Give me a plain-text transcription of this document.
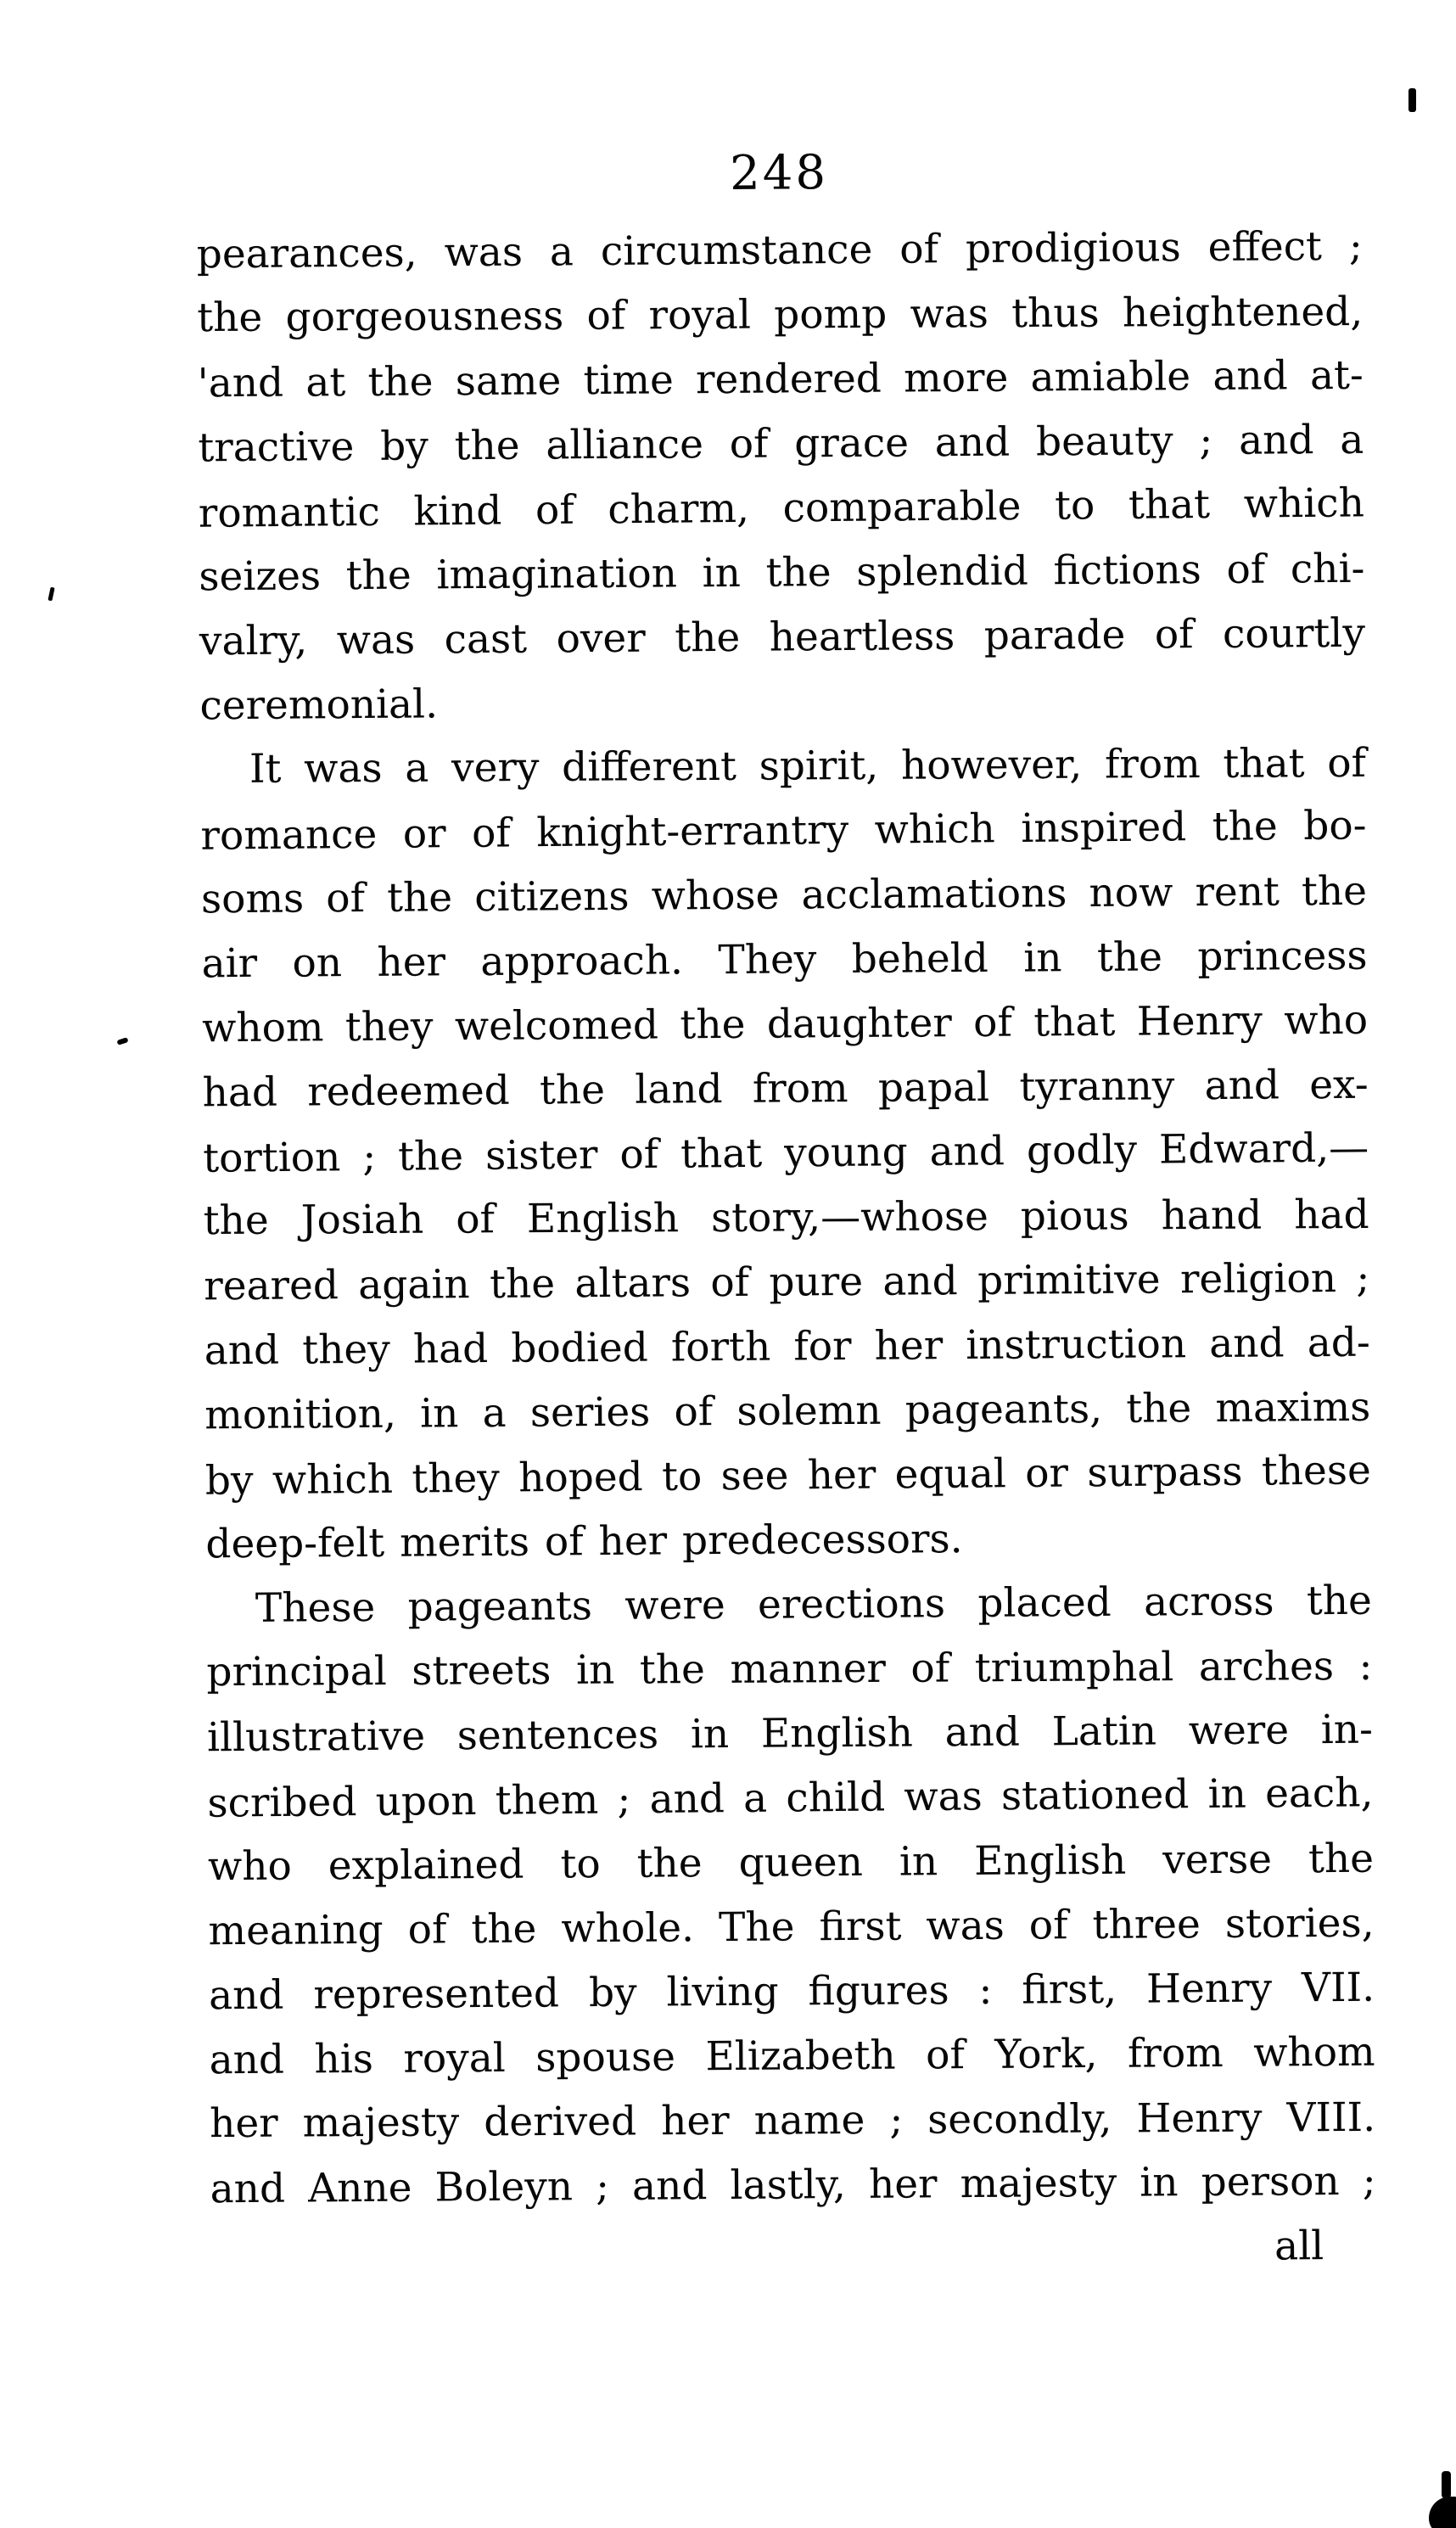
248
pearances, was a circumstance of prodigious effect ;
the gorgeousness of royal pomp was thus heightened,
'and at the same time rendered more amiable and at-
tractive by the alliance of grace and beauty ; and a
romantic kind of charm, comparable to that which
seizes the imagination in the splendid fictions of chi-
valry, was cast over the heartless parade of courtly
ceremonial.
It was a very different spirit, however, from that of
romance or of knight-errantry which inspired the bo-
soms of the citizens whose acclamations now rent the
air on her approach. They beheld in the princess
whom they welcomed the daughter of that Henry who
had redeemed the land from papal tyranny and ex-
tortion ; the sister of that young and godly Edward,—
the Josiah of English story,—whose pious hand had
reared again the altars of pure and primitive religion ;
and they had bodied forth for her instruction and ad-
monition, in a series of solemn pageants, the maxims
by which they hoped to see her equal or surpass these
deep-felt merits of her predecessors.
These pageants were erections placed across the
principal streets in the manner of triumphal arches :
illustrative sentences in English and Latin were in-
scribed upon them ; and a child was stationed in each,
who explained to the queen in English verse the
meaning of the whole. The first was of three stories,
and represented by living figures : first, Henry VII.
and his royal spouse Elizabeth of York, from whom
her majesty derived her name ; secondly, Henry VIII.
and Anne Boleyn ; and lastly, her majesty in person ;
all
